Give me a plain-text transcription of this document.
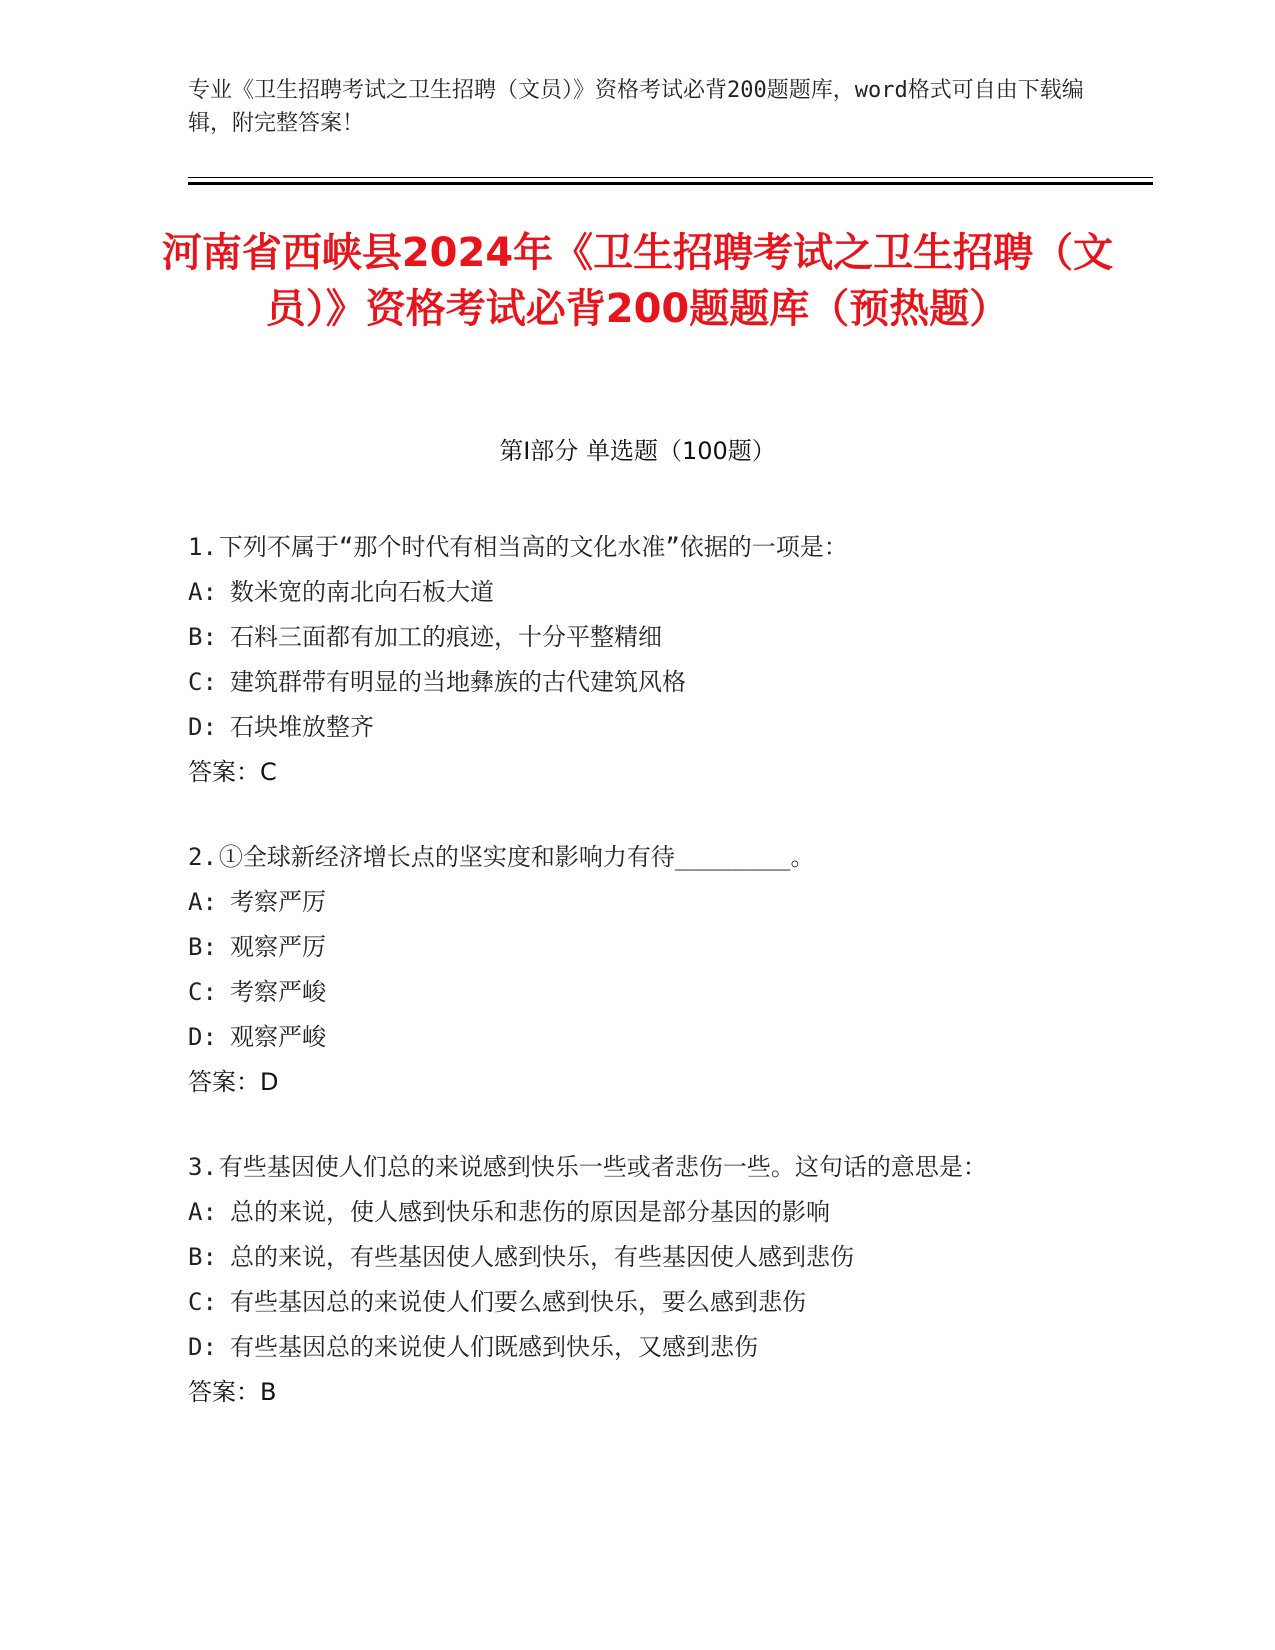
专业《卫生招聘考试之卫生招聘（文员）》资格考试必背200题题库，word格式可自由下载编辑，附完整答案！
河南省西峡县2024年《卫生招聘考试之卫生招聘（文员）》资格考试必背200题题库（预热题）
第Ⅰ部分 单选题（100题）

1.下列不属于“那个时代有相当高的文化水准”依据的一项是：

A: 数米宽的南北向石板大道

B: 石料三面都有加工的痕迹，十分平整精细

C: 建筑群带有明显的当地彝族的古代建筑风格

D: 石块堆放整齐

答案：C

2.①全球新经济增长点的坚实度和影响力有待________。

A: 考察严厉

B: 观察严厉

C: 考察严峻

D: 观察严峻

答案：D

3.有些基因使人们总的来说感到快乐一些或者悲伤一些。这句话的意思是：

A: 总的来说，使人感到快乐和悲伤的原因是部分基因的影响

B: 总的来说，有些基因使人感到快乐，有些基因使人感到悲伤

C: 有些基因总的来说使人们要么感到快乐，要么感到悲伤

D: 有些基因总的来说使人们既感到快乐，又感到悲伤

答案：B
